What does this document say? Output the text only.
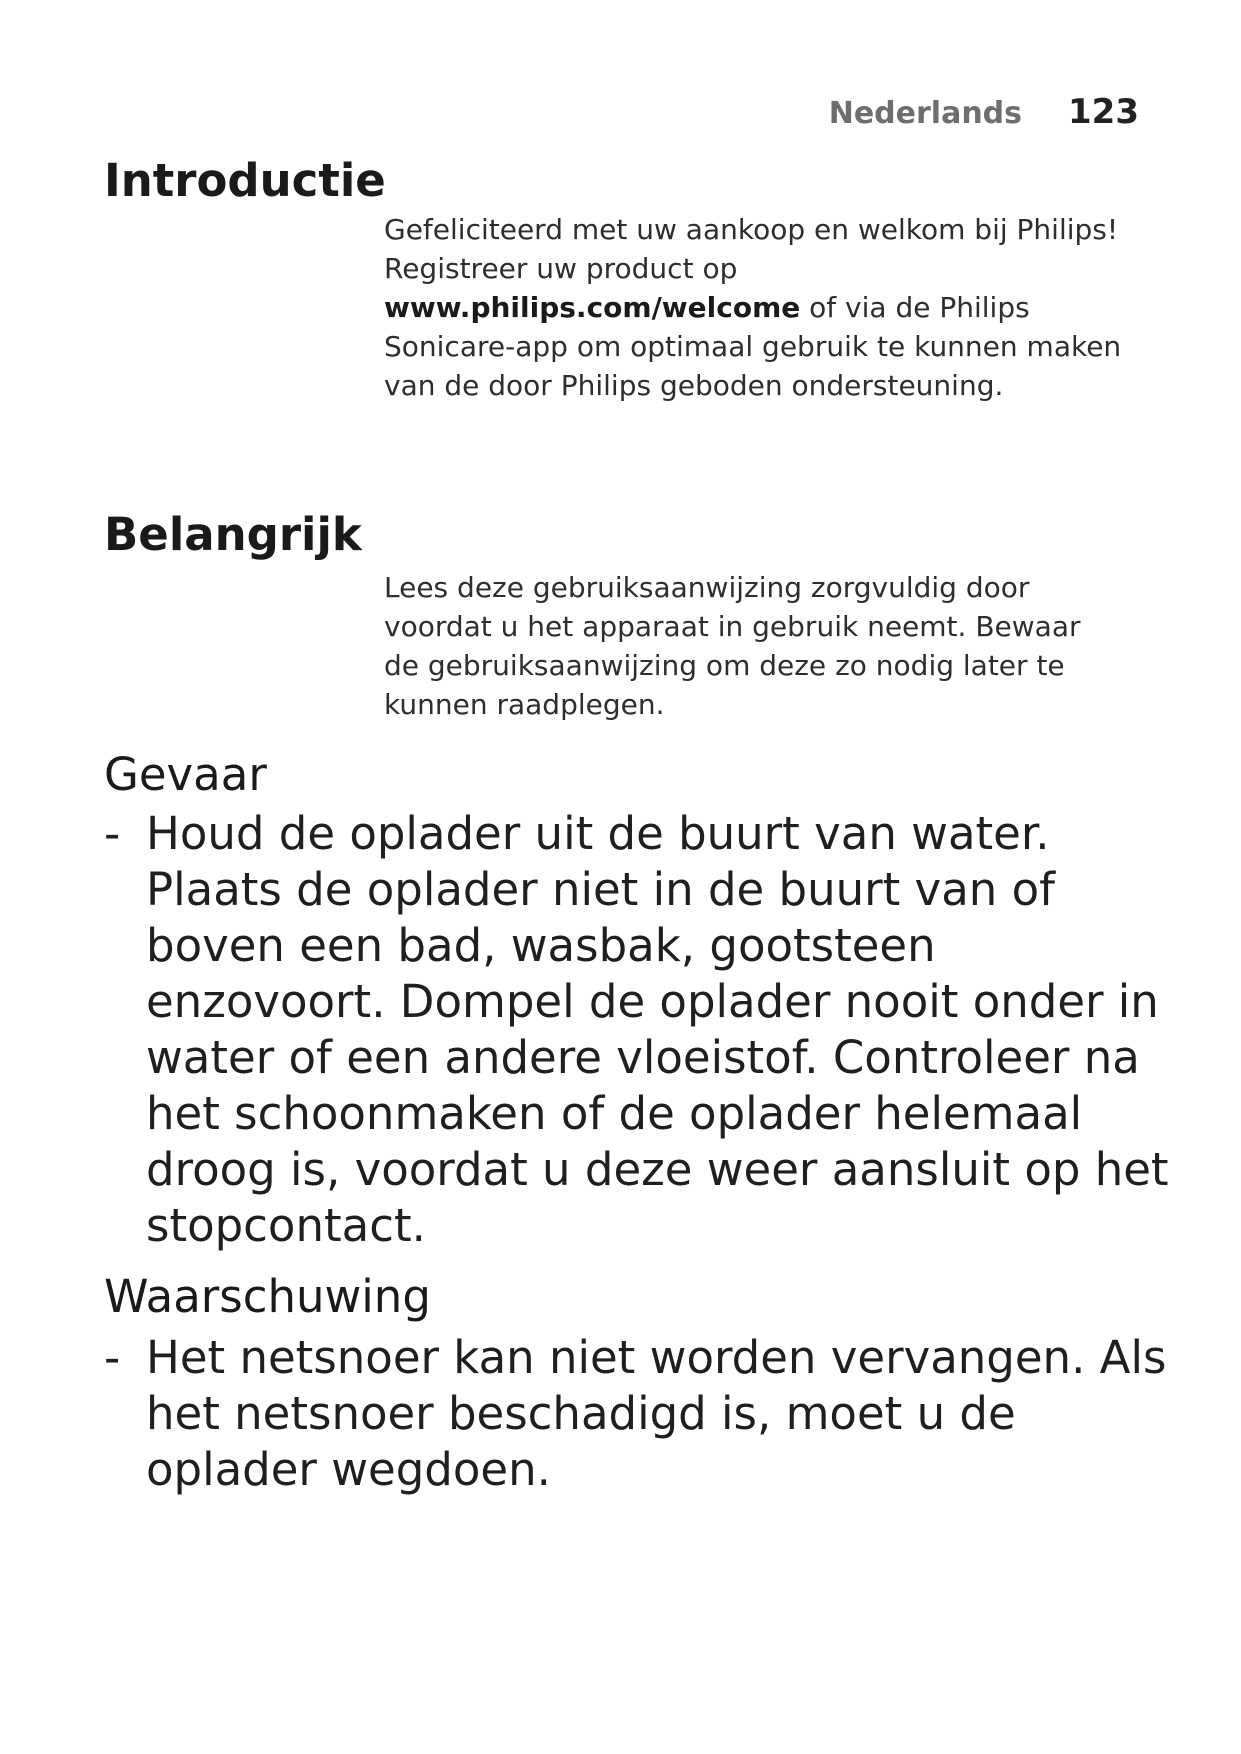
Nederlands 123
Introductie

Gefeliciteerd met uw aankoop en welkom bij Philips! Registreer uw product op www.philips.com/welcome of via de Philips Sonicare-app om optimaal gebruik te kunnen maken van de door Philips geboden ondersteuning.

Belangrijk

Lees deze gebruiksaanwijzing zorgvuldig door voordat u het apparaat in gebruik neemt. Bewaar de gebruiksaanwijzing om deze zo nodig later te kunnen raadplegen.

Gevaar

- Houd de oplader uit de buurt van water. Plaats de oplader niet in de buurt van of boven een bad, wasbak, gootsteen enzovoort. Dompel de oplader nooit onder in water of een andere vloeistof. Controleer na het schoonmaken of de oplader helemaal droog is, voordat u deze weer aansluit op het stopcontact.

Waarschuwing

- Het netsnoer kan niet worden vervangen. Als het netsnoer beschadigd is, moet u de oplader wegdoen.
